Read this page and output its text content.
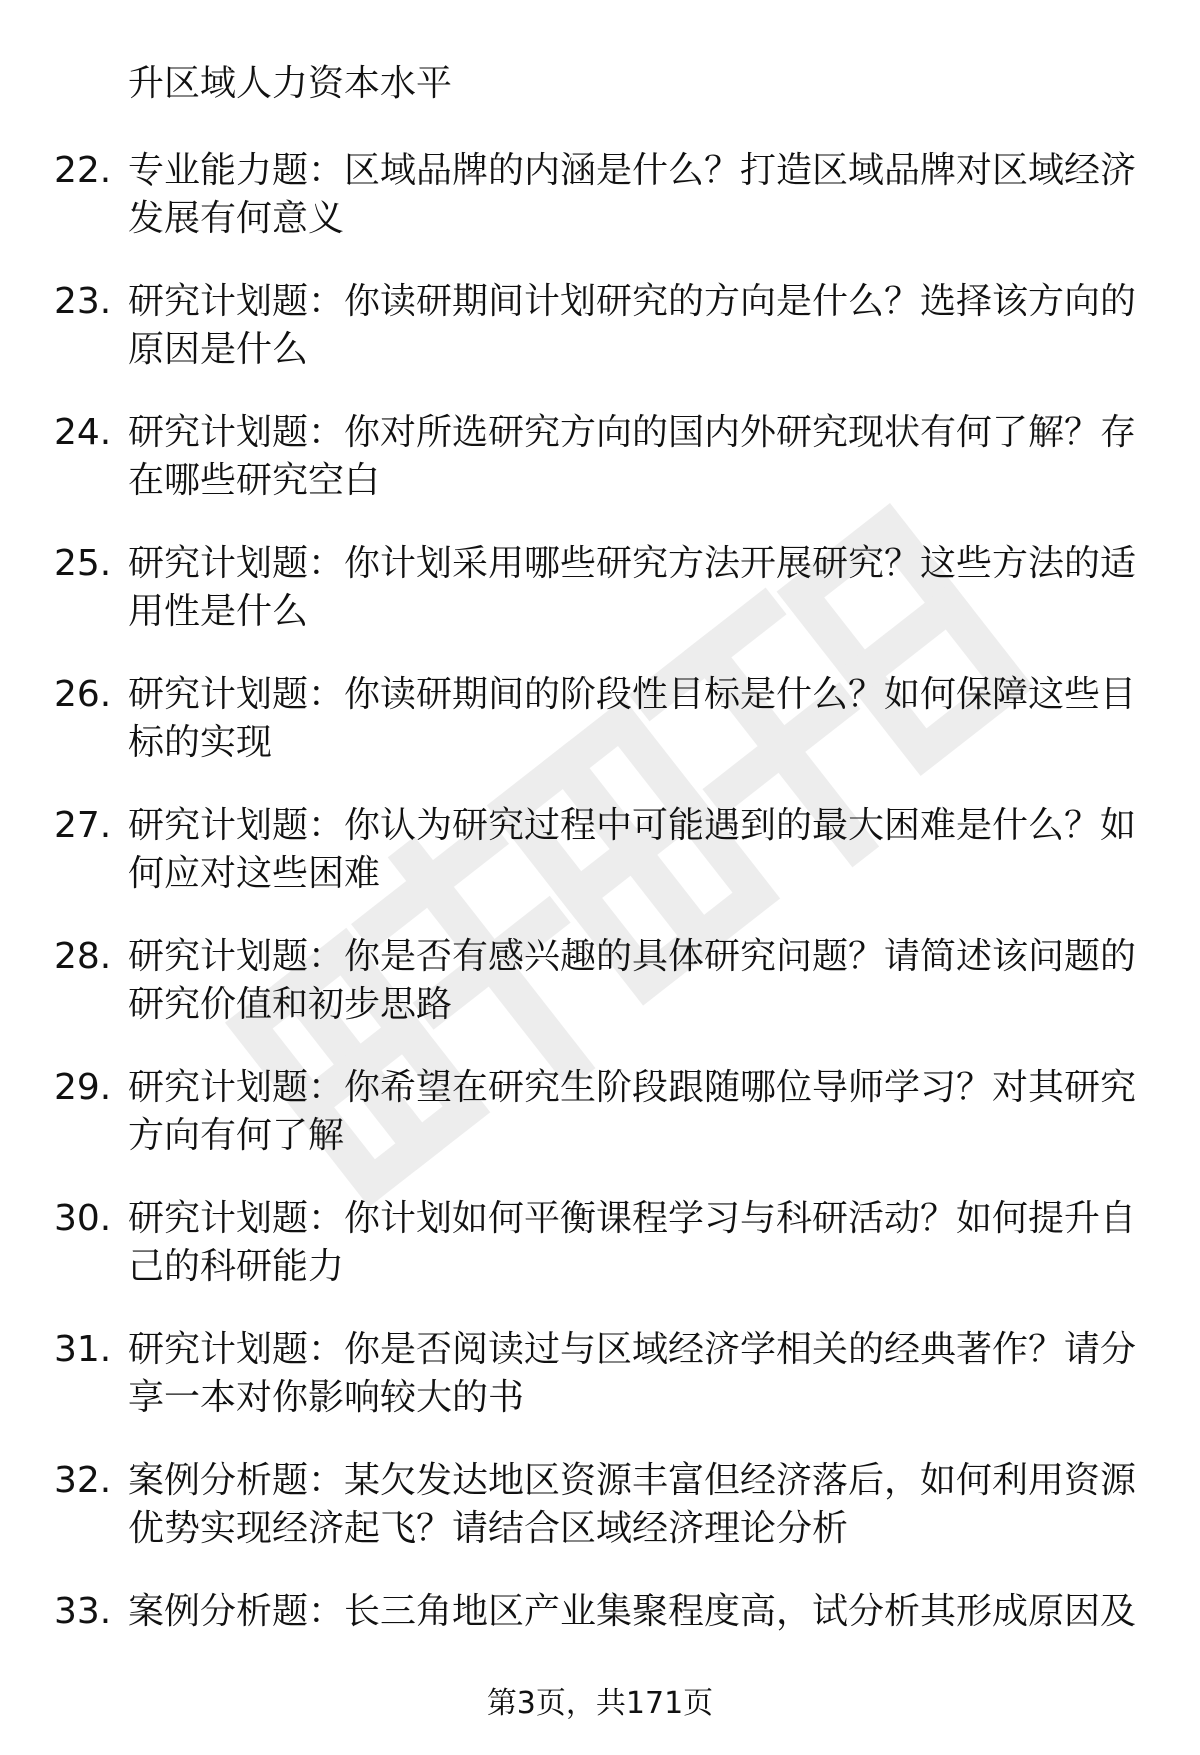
升区域人力资本水平
22. 专业能力题：区域品牌的内涵是什么？打造区域品牌对区域经济发展有何意义
23. 研究计划题：你读研期间计划研究的方向是什么？选择该方向的原因是什么
24. 研究计划题：你对所选研究方向的国内外研究现状有何了解？存在哪些研究空白
25. 研究计划题：你计划采用哪些研究方法开展研究？这些方法的适用性是什么
26. 研究计划题：你读研期间的阶段性目标是什么？如何保障这些目标的实现
27. 研究计划题：你认为研究过程中可能遇到的最大困难是什么？如何应对这些困难
28. 研究计划题：你是否有感兴趣的具体研究问题？请简述该问题的研究价值和初步思路
29. 研究计划题：你希望在研究生阶段跟随哪位导师学习？对其研究方向有何了解
30. 研究计划题：你计划如何平衡课程学习与科研活动？如何提升自己的科研能力
31. 研究计划题：你是否阅读过与区域经济学相关的经典著作？请分享一本对你影响较大的书
32. 案例分析题：某欠发达地区资源丰富但经济落后，如何利用资源优势实现经济起飞？请结合区域经济理论分析
33. 案例分析题：长三角地区产业集聚程度高，试分析其形成原因及
第3页，共171页
